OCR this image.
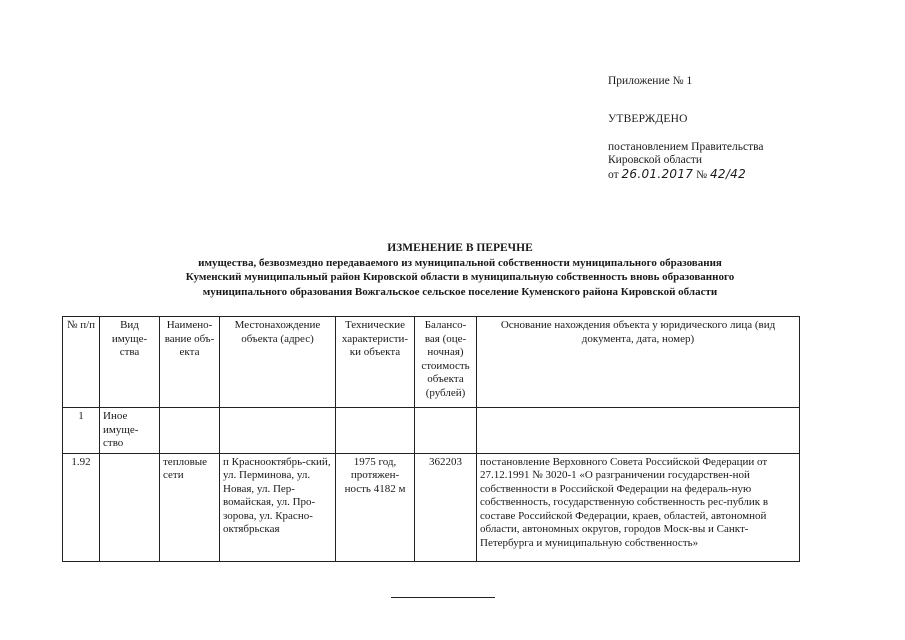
Приложение № 1
УТВЕРЖДЕНО
постановлением Правительства
Кировской области
от 26.01.2017 № 42/42
ИЗМЕНЕНИЕ В ПЕРЕЧНЕ
имущества, безвозмездно передаваемого из муниципальной собственности муниципального образования
Куменский муниципальный район Кировской области в муниципальную собственность вновь образованного
муниципального образования Вожгальское сельское поселение Куменского района Кировской области
№ п/п	Вид имуще-ства	Наимено-вание объ-екта	Местонахождение объекта (адрес)	Технические характеристи-ки объекта	Балансо-вая (оце-ночная) стоимость объекта (рублей)	Основание нахождения объекта у юридического лица (вид документа, дата, номер)
1	Иное имуще-ство					
1.92		тепловые сети	п Краснооктябрь-ский, ул. Перминова, ул. Новая, ул. Пер-вомайская, ул. Про-зорова, ул. Красно-октябрьская	1975 год, протяжен-ность 4182 м	362203	постановление Верховного Совета Российской Федерации от 27.12.1991 № 3020-1 «О разграничении государствен-ной собственности в Российской Федерации на федераль-ную собственность, государственную собственность рес-публик в составе Российской Федерации, краев, областей, автономной области, автономных округов, городов Моск-вы и Санкт-Петербурга и муниципальную собственность»
